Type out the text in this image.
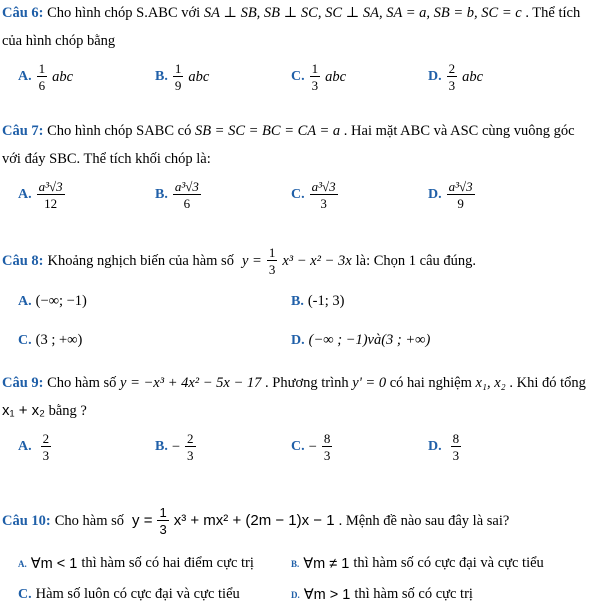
Câu 6: Cho hình chóp S.ABC với SA ⊥ SB, SB ⊥ SC, SC ⊥ SA, SA = a, SB = b, SC = c . Thể tích
của hình chóp bằng
A. $\frac{1}{6}$ abc	B. $\frac{1}{9}$ abc	C. $\frac{1}{3}$ abc	D. $\frac{2}{3}$ abc
Câu 7: Cho hình chóp SABC có SB = SC = BC = CA = a . Hai mặt ABC và ASC cùng vuông góc
với đáy SBC. Thể tích khối chóp là:
A. $\frac{\text{a³√3}}{12}$	B. $\frac{\text{a³√3}}{6}$	C. $\frac{\text{a³√3}}{3}$	D. $\frac{\text{a³√3}}{9}$
Câu 8: Khoảng nghịch biến của hàm số $y = \frac{1}{3} x^3 - x^2 - 3x$ là: Chọn 1 câu đúng.
A. (−∞; −1)	B. (-1; 3)
C. (3 ; +∞)	D. (−∞ ; −1)và(3 ; +∞)
Câu 9: Cho hàm số y = −x³ + 4x² − 5x − 17 . Phương trình y' = 0 có hai nghiệm x₁, x₂ . Khi đó tổng
x₁ + x₂ bằng ?
A. $\frac{2}{3}$	B. − $\frac{2}{3}$	C. − $\frac{8}{3}$	D. $\frac{8}{3}$
Câu 10: Cho hàm số $y = \frac{1}{3} x^3 + mx^2 + (2m - 1)x - 1$ . Mệnh đề nào sau đây là sai?
A. ∀m < 1 thì hàm số có hai điểm cực trị	B. ∀m ≠ 1 thì hàm số có cực đại và cực tiểu
C. Hàm số luôn có cực đại và cực tiểu	D. ∀m > 1 thì hàm số có cực trị
